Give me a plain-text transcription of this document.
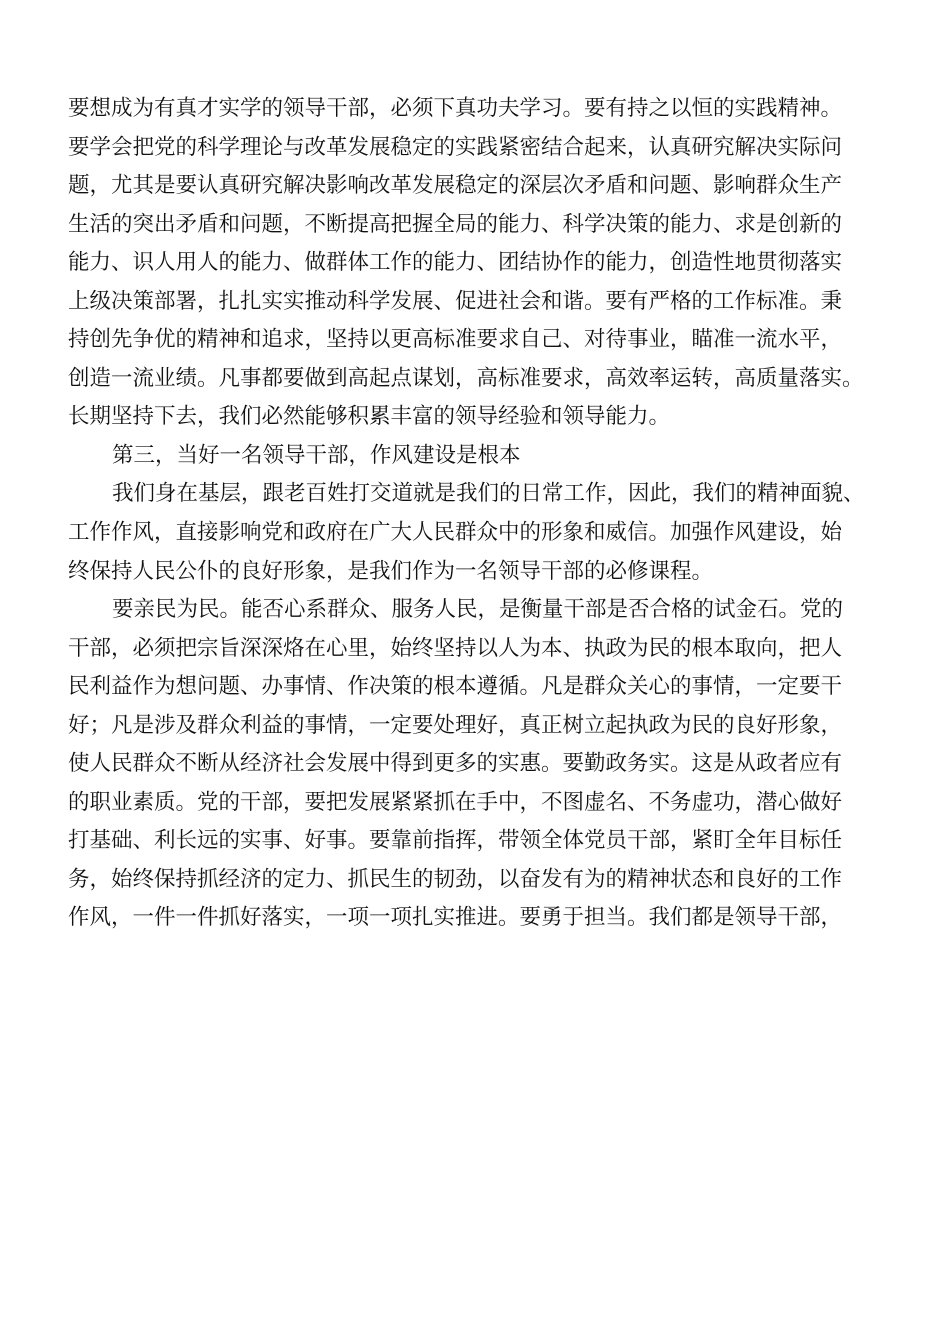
要想成为有真才实学的领导干部，必须下真功夫学习。要有持之以恒的实践精神。
要学会把党的科学理论与改革发展稳定的实践紧密结合起来，认真研究解决实际问
题，尤其是要认真研究解决影响改革发展稳定的深层次矛盾和问题、影响群众生产
生活的突出矛盾和问题，不断提高把握全局的能力、科学决策的能力、求是创新的
能力、识人用人的能力、做群体工作的能力、团结协作的能力，创造性地贯彻落实
上级决策部署，扎扎实实推动科学发展、促进社会和谐。要有严格的工作标准。秉
持创先争优的精神和追求，坚持以更高标准要求自己、对待事业，瞄准一流水平，
创造一流业绩。凡事都要做到高起点谋划，高标准要求，高效率运转，高质量落实。
长期坚持下去，我们必然能够积累丰富的领导经验和领导能力。
第三，当好一名领导干部，作风建设是根本
我们身在基层，跟老百姓打交道就是我们的日常工作，因此，我们的精神面貌、
工作作风，直接影响党和政府在广大人民群众中的形象和威信。加强作风建设，始
终保持人民公仆的良好形象，是我们作为一名领导干部的必修课程。
要亲民为民。能否心系群众、服务人民，是衡量干部是否合格的试金石。党的
干部，必须把宗旨深深烙在心里，始终坚持以人为本、执政为民的根本取向，把人
民利益作为想问题、办事情、作决策的根本遵循。凡是群众关心的事情，一定要干
好；凡是涉及群众利益的事情，一定要处理好，真正树立起执政为民的良好形象，
使人民群众不断从经济社会发展中得到更多的实惠。要勤政务实。这是从政者应有
的职业素质。党的干部，要把发展紧紧抓在手中，不图虚名、不务虚功，潜心做好
打基础、利长远的实事、好事。要靠前指挥，带领全体党员干部，紧盯全年目标任
务，始终保持抓经济的定力、抓民生的韧劲，以奋发有为的精神状态和良好的工作
作风，一件一件抓好落实，一项一项扎实推进。要勇于担当。我们都是领导干部，
